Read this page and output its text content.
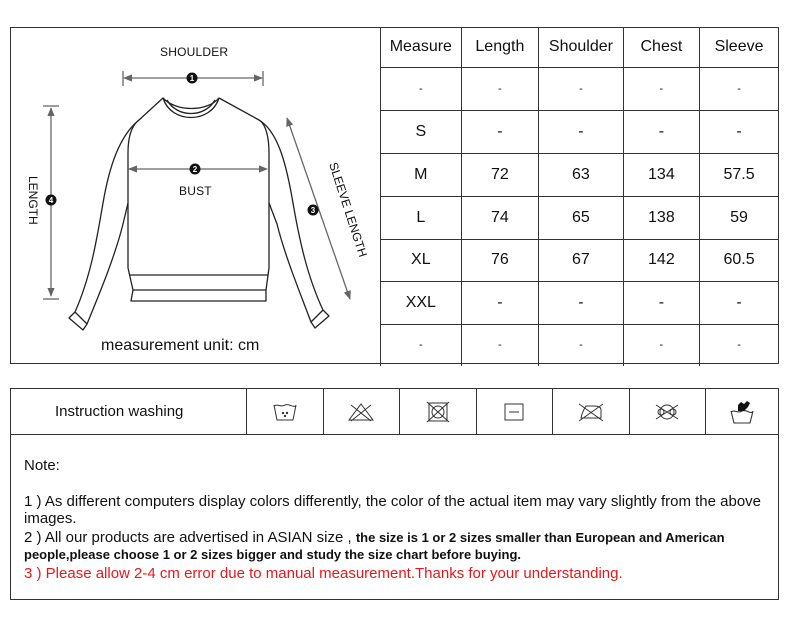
1
2
3
4
LENGTH	SLEEVE LENGTH
SHOULDER
BUST
measurement unit: cm
Measure	Length	Shoulder	Chest	Sleeve
-	-	-	-	-
S	-	-	-	-
M	72	63	134	57.5
L	74	65	138	59
XL	76	67	142	60.5
XXL	-	-	-	-
-	-	-	-	-
Instruction washing
Note:
1 ) As different computers display colors differently, the color of the actual item may vary slightly from the above images.
2 ) All our products are advertised in ASIAN size , the size is 1 or 2 sizes smaller than European and American people,please choose 1 or 2 sizes bigger and study the size chart before buying.
3 ) Please allow 2-4 cm error due to manual measurement.Thanks for your understanding.
